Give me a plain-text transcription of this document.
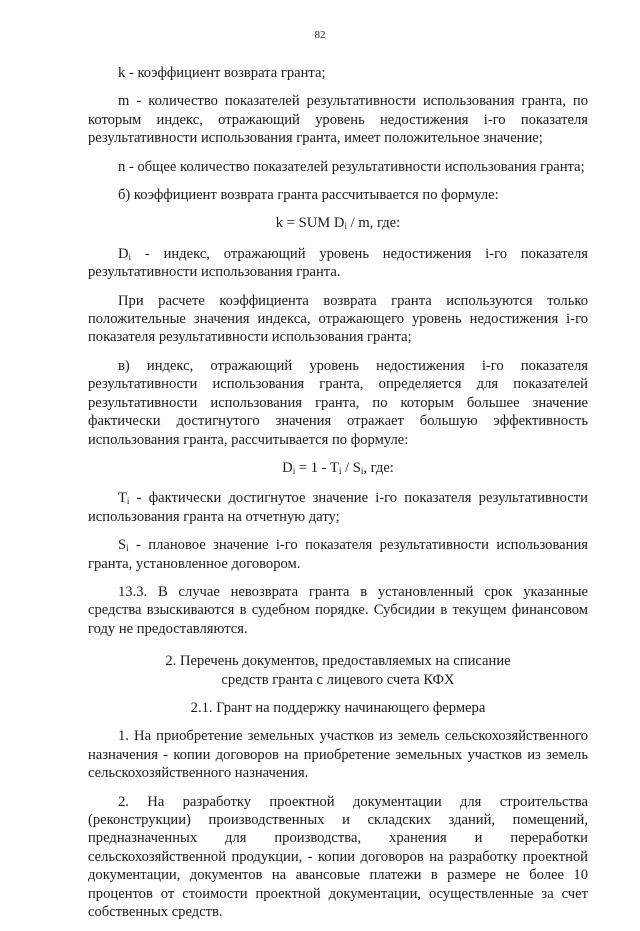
82

k - коэффициент возврата гранта;

m - количество показателей результативности использования гранта, по которым индекс, отражающий уровень недостижения i-го показателя результативности использования гранта, имеет положительное значение;

n - общее количество показателей результативности использования гранта;

б) коэффициент возврата гранта рассчитывается по формуле:

k = SUM $D_i$ / m, где:

$D_i$ - индекс, отражающий уровень недостижения i-го показателя результативности использования гранта.

При расчете коэффициента возврата гранта используются только положительные значения индекса, отражающего уровень недостижения i-го показателя результативности использования гранта;

в) индекс, отражающий уровень недостижения i-го показателя результативности использования гранта, определяется для показателей результативности использования гранта, по которым большее значение фактически достигнутого значения отражает большую эффективность использования гранта, рассчитывается по формуле:

$D_i = 1 - T_i / S_i$, где:

$T_i$ - фактически достигнутое значение i-го показателя результативности использования гранта на отчетную дату;

$S_i$ - плановое значение i-го показателя результативности использования гранта, установленное договором.

13.3. В случае невозврата гранта в установленный срок указанные средства взыскиваются в судебном порядке. Субсидии в текущем финансовом году не предоставляются.

2. Перечень документов, предоставляемых на списание
средств гранта с лицевого счета КФХ

2.1. Грант на поддержку начинающего фермера

1. На приобретение земельных участков из земель сельскохозяйственного назначения - копии договоров на приобретение земельных участков из земель сельскохозяйственного назначения.

2. На разработку проектной документации для строительства (реконструкции) производственных и складских зданий, помещений, предназначенных для производства, хранения и переработки сельскохозяйственной продукции, - копии договоров на разработку проектной документации, документов на авансовые платежи в размере не более 10 процентов от стоимости проектной документации, осуществленные за счет собственных средств.
